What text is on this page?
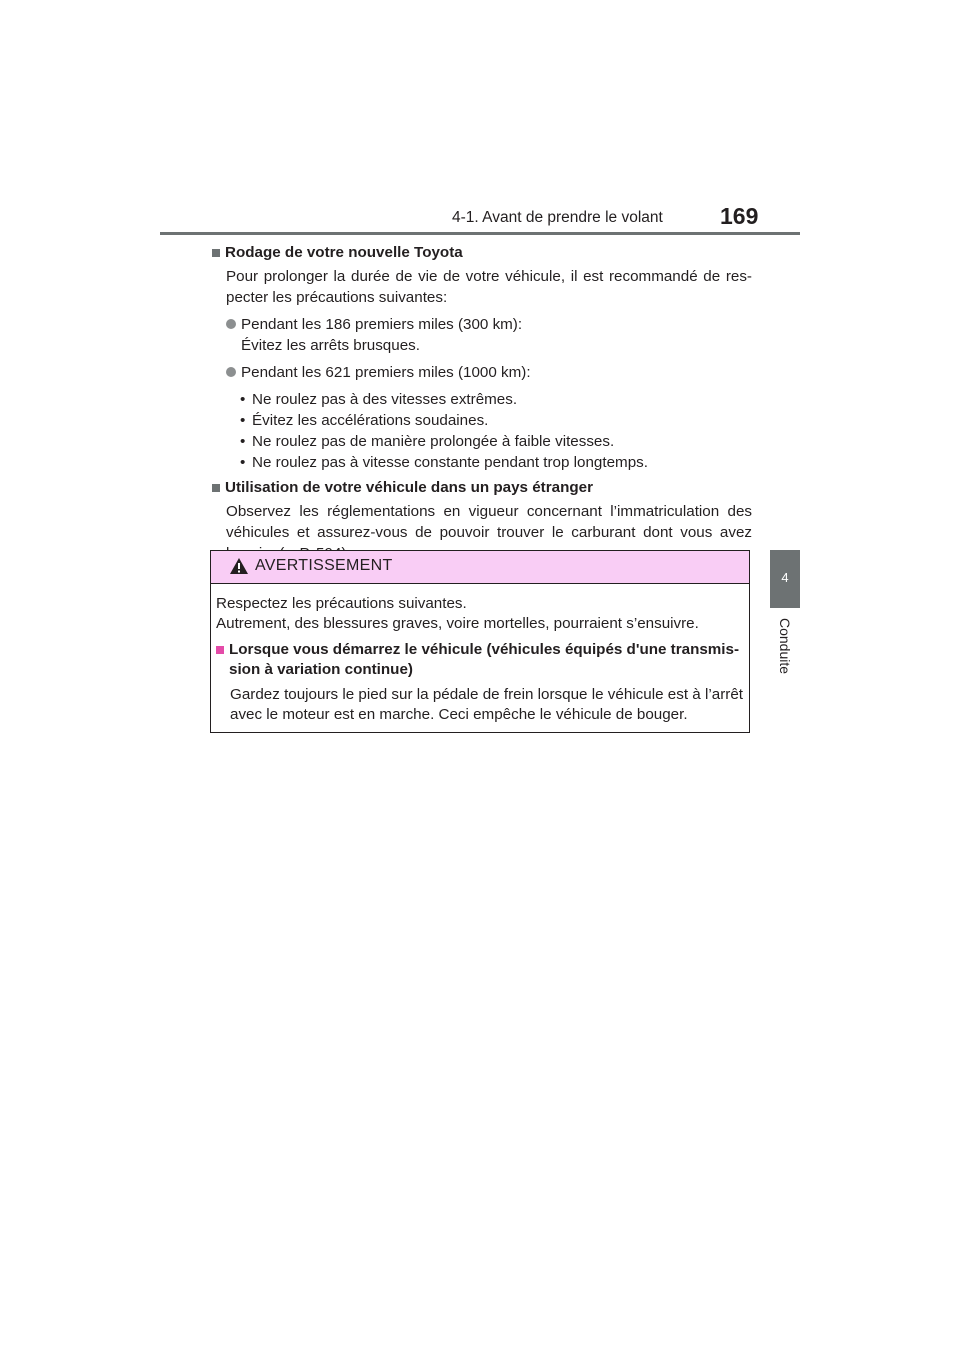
4-1. Avant de prendre le volant 169
4
Conduite
Rodage de votre nouvelle Toyota
Pour prolonger la durée de vie de votre véhicule, il est recommandé de res-pecter les précautions suivantes:
Pendant les 186 premiers miles (300 km):
Évitez les arrêts brusques.
Pendant les 621 premiers miles (1000 km):
• Ne roulez pas à des vitesses extrêmes.
• Évitez les accélérations soudaines.
• Ne roulez pas de manière prolongée à faible vitesses.
• Ne roulez pas à vitesse constante pendant trop longtemps.
Utilisation de votre véhicule dans un pays étranger
Observez les réglementations en vigueur concernant l’immatriculation des véhicules et assurez-vous de pouvoir trouver le carburant dont vous avez
AVERTISSEMENT

Respectez les précautions suivantes.

Autrement, des blessures graves, voire mortelles, pourraient s’ensuivre.

Lorsque vous démarrez le véhicule (véhicules équipés d'une transmis-sion à variation continue)
Gardez toujours le pied sur la pédale de frein lorsque le véhicule est à l’arrêt avec le moteur est en marche. Ceci empêche le véhicule de bouger.
